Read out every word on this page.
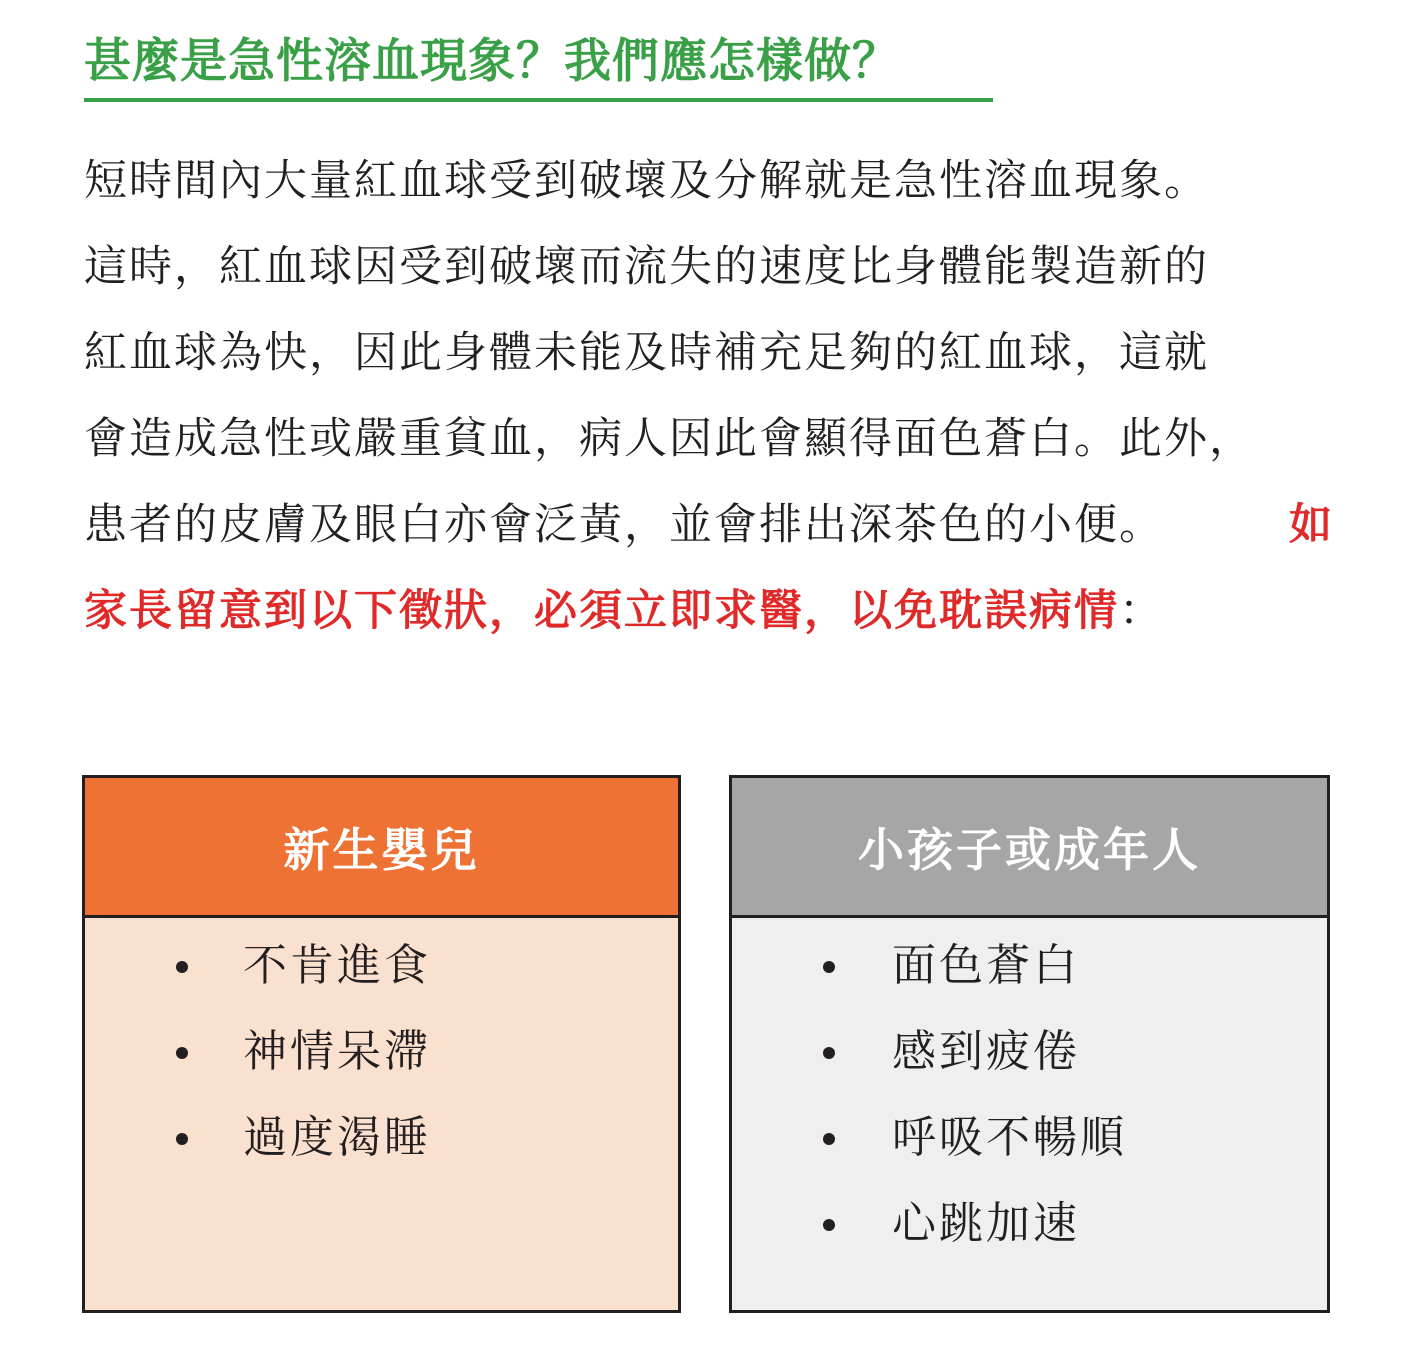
甚麼是急性溶血現象？我們應怎樣做？
短時間內大量紅血球受到破壞及分解就是急性溶血現象。
這時，紅血球因受到破壞而流失的速度比身體能製造新的
紅血球為快，因此身體未能及時補充足夠的紅血球，這就
會造成急性或嚴重貧血，病人因此會顯得面色蒼白。此外，
患者的皮膚及眼白亦會泛黃，並會排出深茶色的小便。	如
家長留意到以下徵狀，必須立即求醫，以免耽誤病情：
新生嬰兒
不肯進食
神情呆滯
過度渴睡
小孩子或成年人
面色蒼白
感到疲倦
呼吸不暢順
心跳加速
